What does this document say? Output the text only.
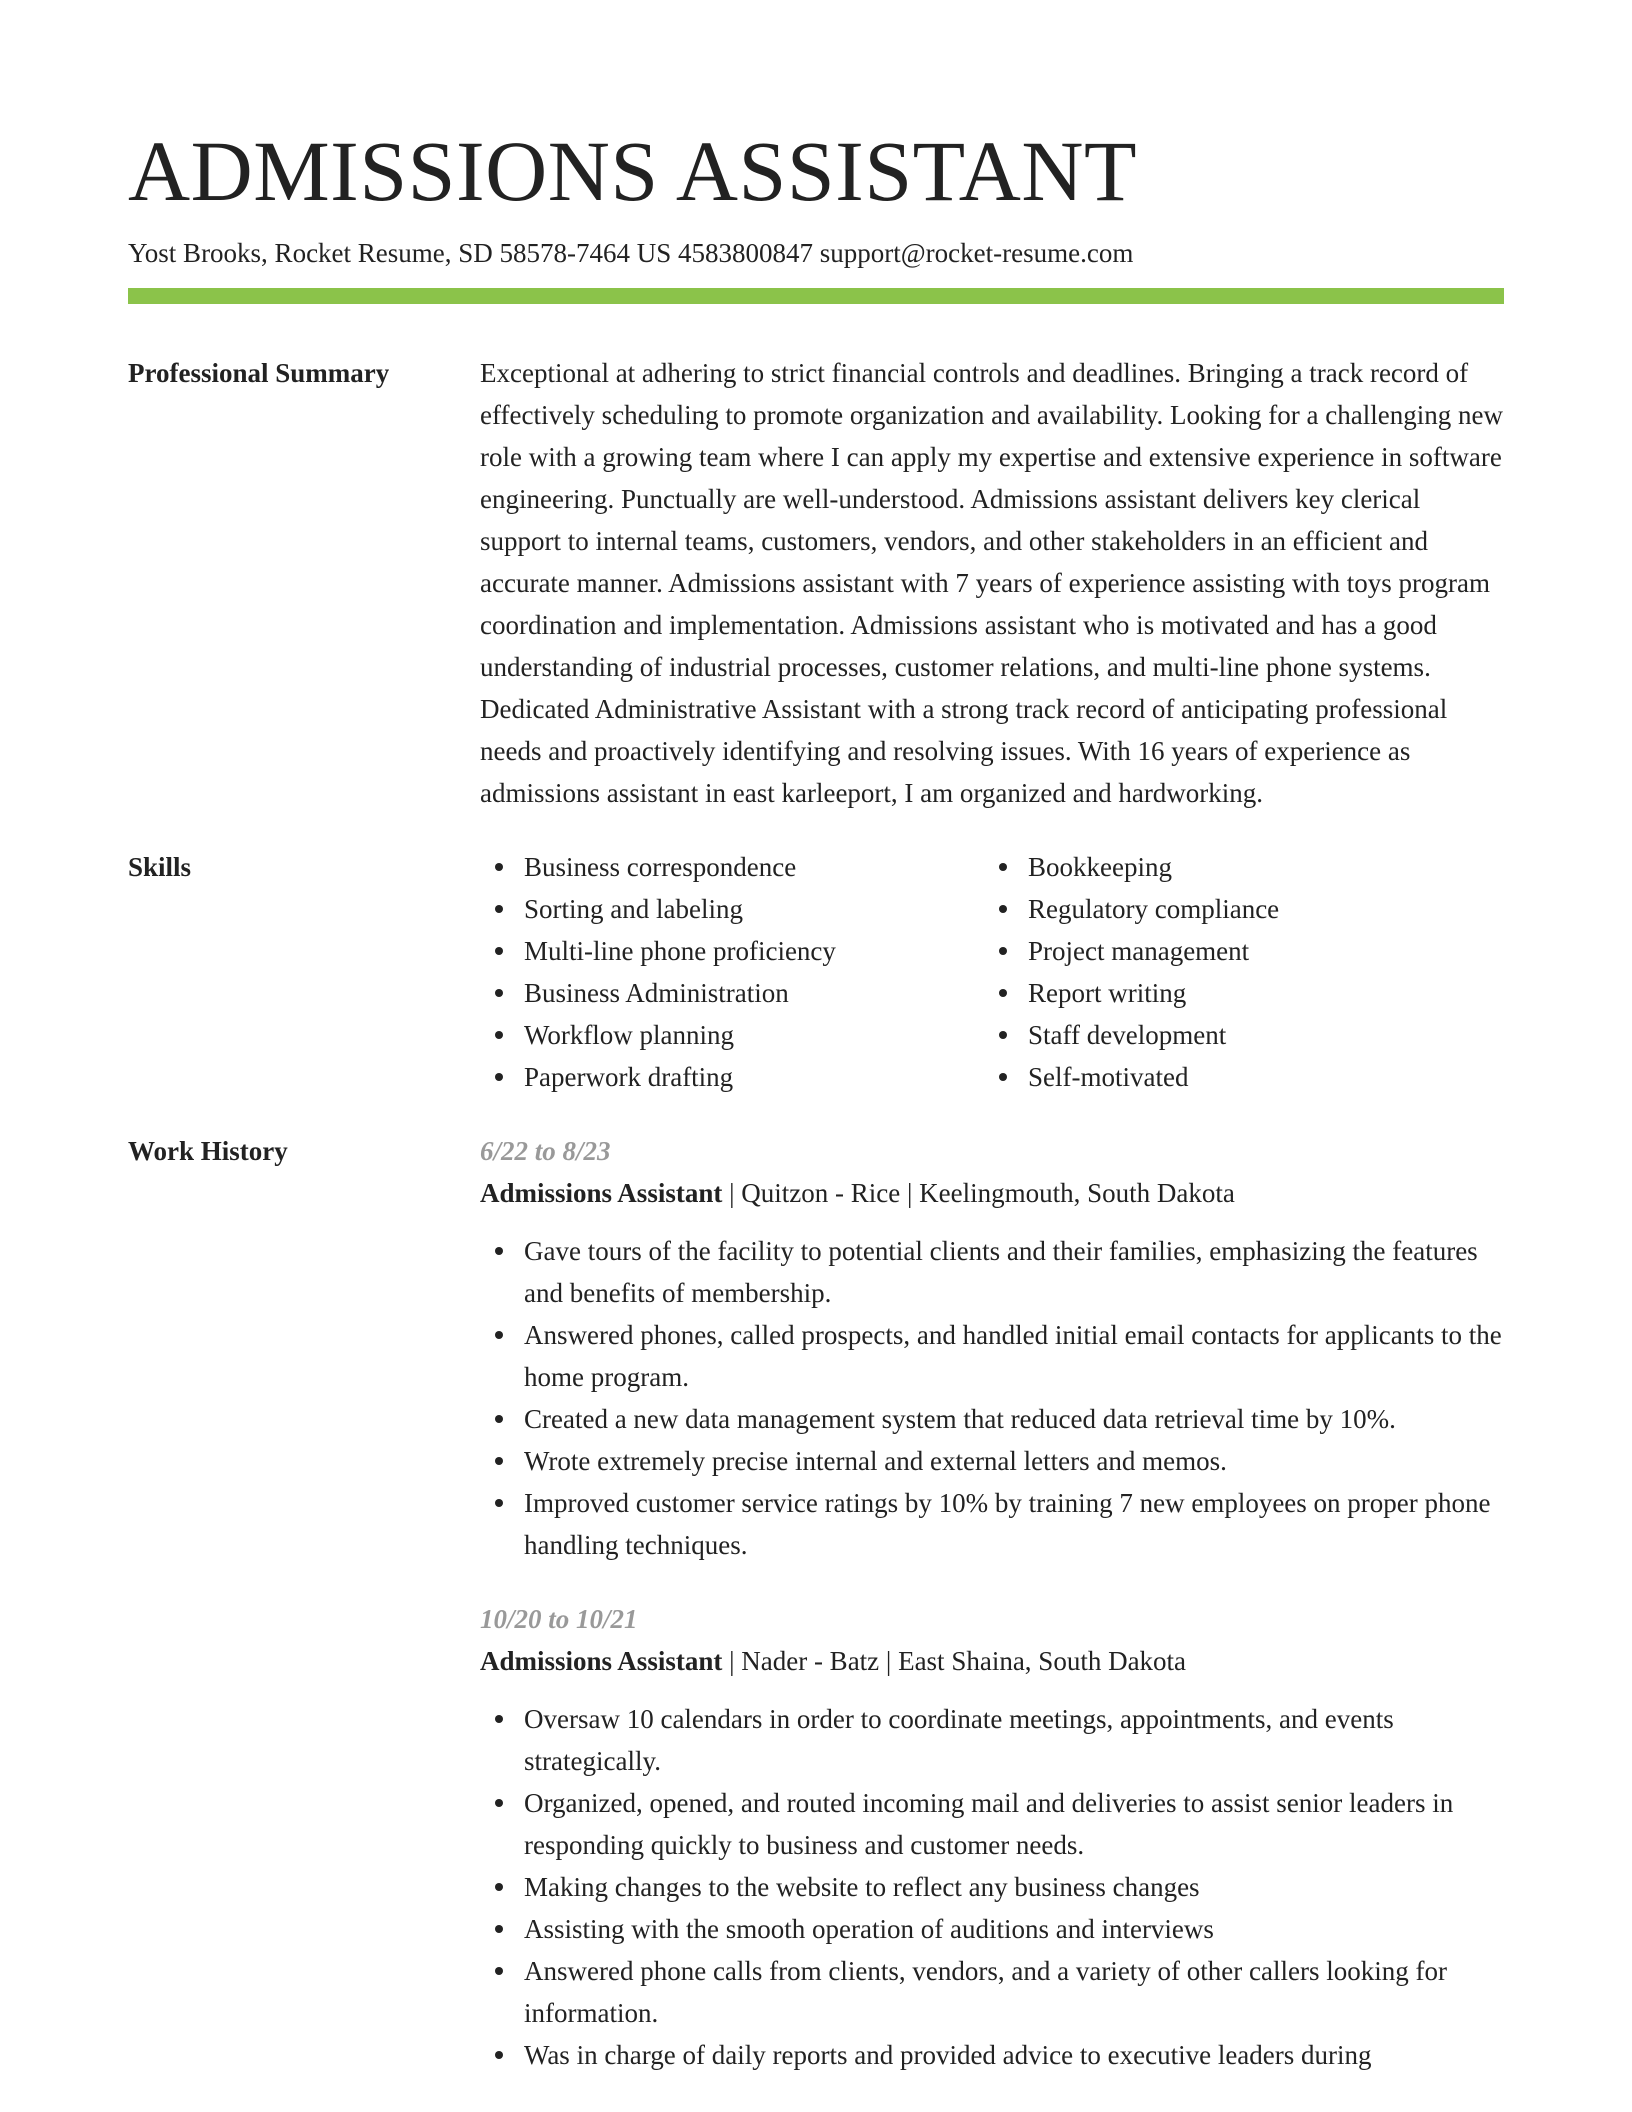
ADMISSIONS ASSISTANT
Yost Brooks, Rocket Resume, SD 58578-7464 US 4583800847 support@rocket-resume.com
Professional Summary	Exceptional at adhering to strict financial controls and deadlines. Bringing a track record of effectively scheduling to promote organization and availability. Looking for a challenging new role with a growing team where I can apply my expertise and extensive experience in software engineering. Punctually are well-understood. Admissions assistant delivers key clerical support to internal teams, customers, vendors, and other stakeholders in an efficient and accurate manner. Admissions assistant with 7 years of experience assisting with toys program coordination and implementation. Admissions assistant who is motivated and has a good understanding of industrial processes, customer relations, and multi-line phone systems. Dedicated Administrative Assistant with a strong track record of anticipating professional needs and proactively identifying and resolving issues. With 16 years of experience as admissions assistant in east karleeport, I am organized and hardworking.

Skills	Business correspondence
Sorting and labeling
Multi-line phone proficiency
Business Administration
Workflow planning
Paperwork drafting
Bookkeeping
Regulatory compliance
Project management
Report writing
Staff development
Self-motivated
Work History	6/22 to 8/23
Admissions Assistant | Quitzon - Rice | Keelingmouth, South Dakota
Gave tours of the facility to potential clients and their families, emphasizing the features and benefits of membership.
Answered phones, called prospects, and handled initial email contacts for applicants to the home program.
Created a new data management system that reduced data retrieval time by 10%.
Wrote extremely precise internal and external letters and memos.
Improved customer service ratings by 10% by training 7 new employees on proper phone handling techniques.
10/20 to 10/21
Admissions Assistant | Nader - Batz | East Shaina, South Dakota
Oversaw 10 calendars in order to coordinate meetings, appointments, and events strategically.
Organized, opened, and routed incoming mail and deliveries to assist senior leaders in responding quickly to business and customer needs.
Making changes to the website to reflect any business changes
Assisting with the smooth operation of auditions and interviews
Answered phone calls from clients, vendors, and a variety of other callers looking for information.
Was in charge of daily reports and provided advice to executive leaders during
